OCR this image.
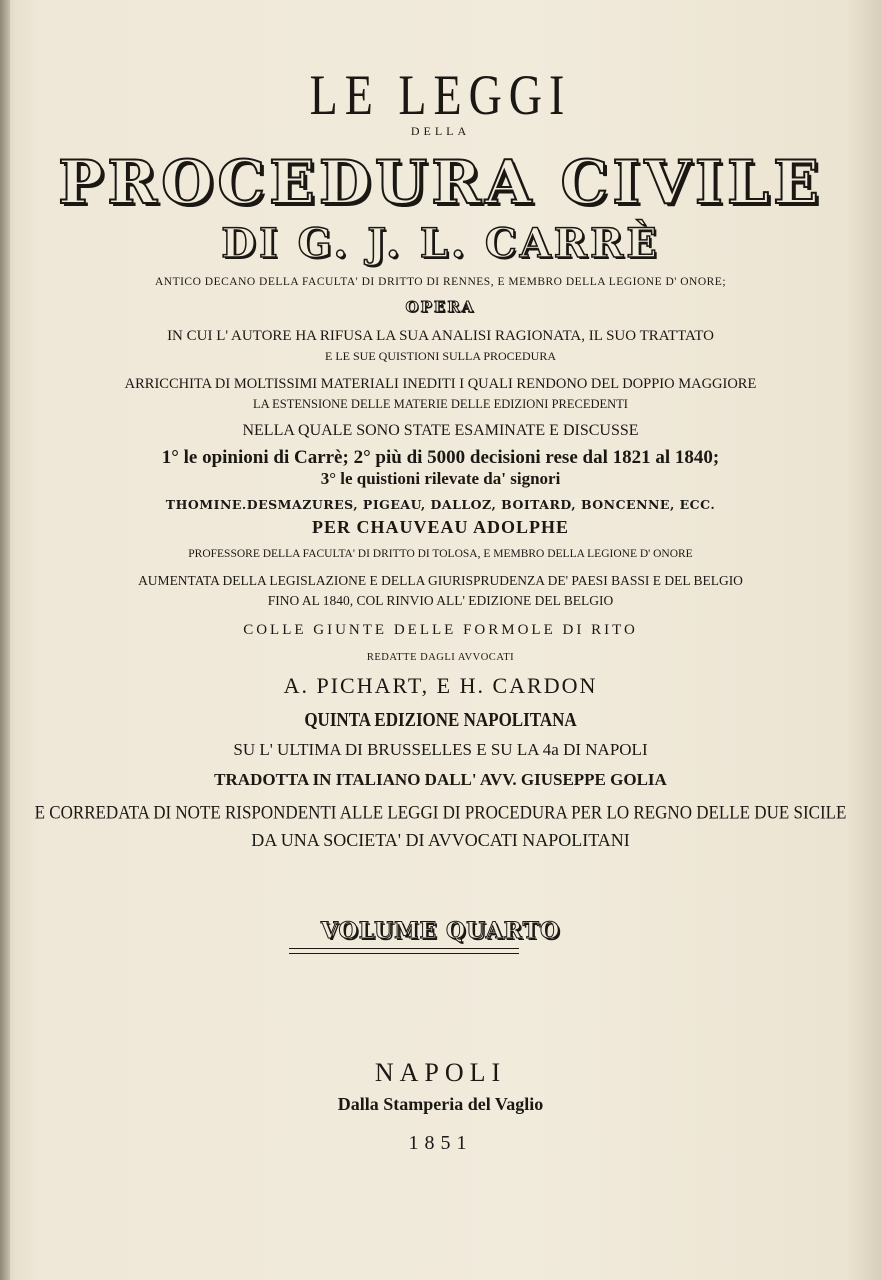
LE LEGGI
DELLA
PROCEDURA CIVILE
DI G. J. L. CARRÈ
ANTICO DECANO DELLA FACULTA' DI DRITTO DI RENNES, E MEMBRO DELLA LEGIONE D' ONORE;
OPERA
IN CUI L' AUTORE HA RIFUSA LA SUA ANALISI RAGIONATA, IL SUO TRATTATO
E LE SUE QUISTIONI SULLA PROCEDURA
ARRICCHITA DI MOLTISSIMI MATERIALI INEDITI I QUALI RENDONO DEL DOPPIO MAGGIORE
LA ESTENSIONE DELLE MATERIE DELLE EDIZIONI PRECEDENTI
NELLA QUALE SONO STATE ESAMINATE E DISCUSSE
1° le opinioni di Carrè; 2° più di 5000 decisioni rese dal 1821 al 1840;
3° le quistioni rilevate da' signori
THOMINE.DESMAZURES, PIGEAU, DALLOZ, BOITARD, BONCENNE, ECC.
PER CHAUVEAU ADOLPHE
PROFESSORE DELLA FACULTA' DI DRITTO DI TOLOSA, E MEMBRO DELLA LEGIONE D' ONORE
AUMENTATA DELLA LEGISLAZIONE E DELLA GIURISPRUDENZA DE' PAESI BASSI E DEL BELGIO
FINO AL 1840, COL RINVIO ALL' EDIZIONE DEL BELGIO
COLLE GIUNTE DELLE FORMOLE DI RITO
REDATTE DAGLI AVVOCATI
A. PICHART, E H. CARDON
QUINTA EDIZIONE NAPOLITANA
SU L' ULTIMA DI BRUSSELLES E SU LA 4a DI NAPOLI
TRADOTTA IN ITALIANO DALL' AVV. GIUSEPPE GOLIA
E CORREDATA DI NOTE RISPONDENTI ALLE LEGGI DI PROCEDURA PER LO REGNO DELLE DUE SICILE
DA UNA SOCIETA' DI AVVOCATI NAPOLITANI
VOLUME QUARTO
NAPOLI
Dalla Stamperia del Vaglio
1851
